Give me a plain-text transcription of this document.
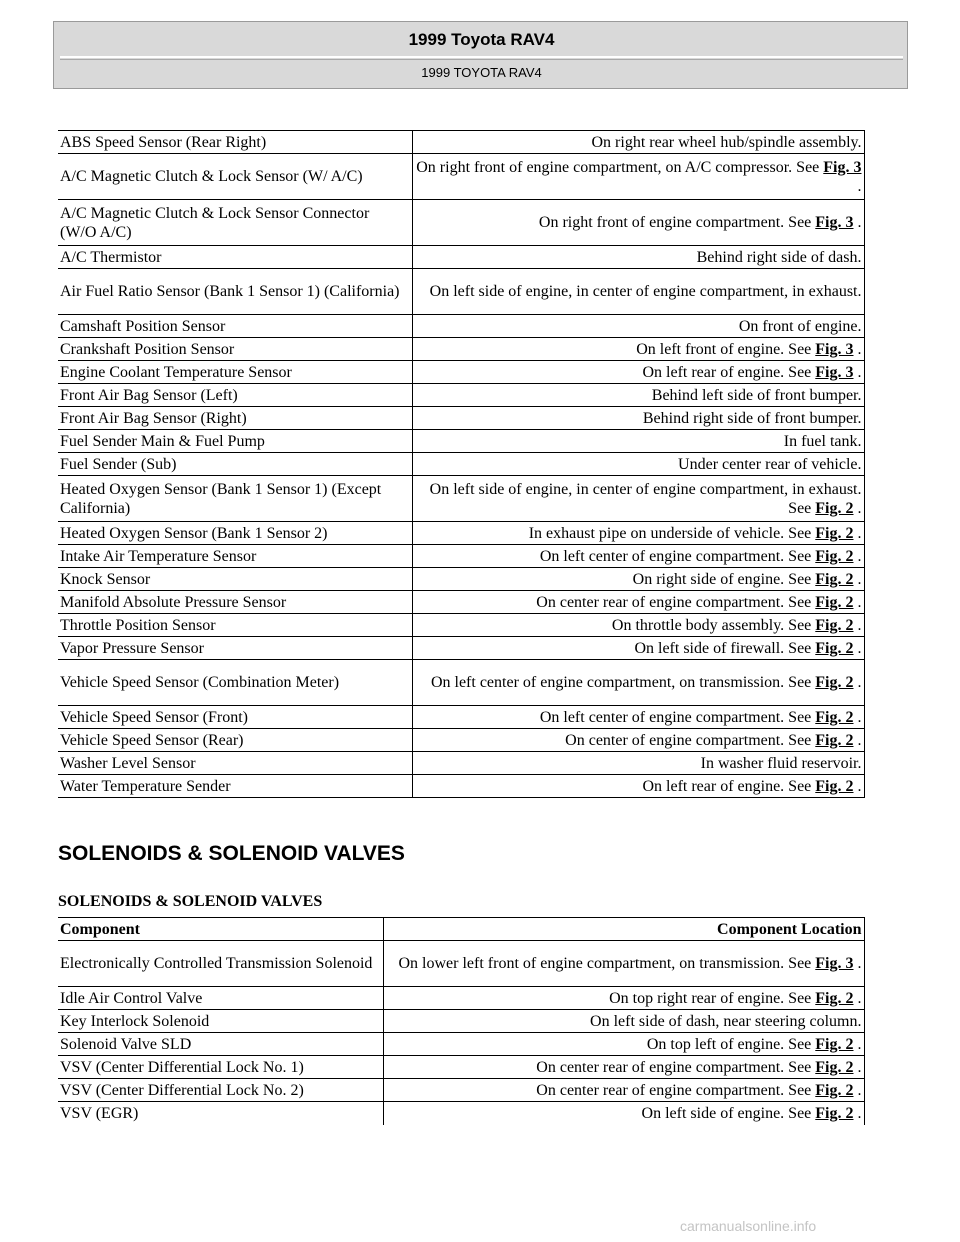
1999 Toyota RAV4
1999 TOYOTA RAV4
ABS Speed Sensor (Rear Right)	On right rear wheel hub/spindle assembly.
A/C Magnetic Clutch & Lock Sensor (W/ A/C)	On right front of engine compartment, on A/C compressor. See Fig. 3 .
A/C Magnetic Clutch & Lock Sensor Connector (W/O A/C)	On right front of engine compartment. See Fig. 3 .
A/C Thermistor	Behind right side of dash.
Air Fuel Ratio Sensor (Bank 1 Sensor 1) (California)	On left side of engine, in center of engine compartment, in exhaust.
Camshaft Position Sensor	On front of engine.
Crankshaft Position Sensor	On left front of engine. See Fig. 3 .
Engine Coolant Temperature Sensor	On left rear of engine. See Fig. 3 .
Front Air Bag Sensor (Left)	Behind left side of front bumper.
Front Air Bag Sensor (Right)	Behind right side of front bumper.
Fuel Sender Main & Fuel Pump	In fuel tank.
Fuel Sender (Sub)	Under center rear of vehicle.
Heated Oxygen Sensor (Bank 1 Sensor 1) (Except California)	On left side of engine, in center of engine compartment, in exhaust. See Fig. 2 .
Heated Oxygen Sensor (Bank 1 Sensor 2)	In exhaust pipe on underside of vehicle. See Fig. 2 .
Intake Air Temperature Sensor	On left center of engine compartment. See Fig. 2 .
Knock Sensor	On right side of engine. See Fig. 2 .
Manifold Absolute Pressure Sensor	On center rear of engine compartment. See Fig. 2 .
Throttle Position Sensor	On throttle body assembly. See Fig. 2 .
Vapor Pressure Sensor	On left side of firewall. See Fig. 2 .
Vehicle Speed Sensor (Combination Meter)	On left center of engine compartment, on transmission. See Fig. 2 .
Vehicle Speed Sensor (Front)	On left center of engine compartment. See Fig. 2 .
Vehicle Speed Sensor (Rear)	On center of engine compartment. See Fig. 2 .
Washer Level Sensor	In washer fluid reservoir.
Water Temperature Sender	On left rear of engine. See Fig. 2 .
SOLENOIDS & SOLENOID VALVES

SOLENOIDS & SOLENOID VALVES

Component	Component Location
Electronically Controlled Transmission Solenoid	On lower left front of engine compartment, on transmission. See Fig. 3 .
Idle Air Control Valve	On top right rear of engine. See Fig. 2 .
Key Interlock Solenoid	On left side of dash, near steering column.
Solenoid Valve SLD	On top left of engine. See Fig. 2 .
VSV (Center Differential Lock No. 1)	On center rear of engine compartment. See Fig. 2 .
VSV (Center Differential Lock No. 2)	On center rear of engine compartment. See Fig. 2 .
VSV (EGR)	On left side of engine. See Fig. 2 .
carmanualsonline.info
